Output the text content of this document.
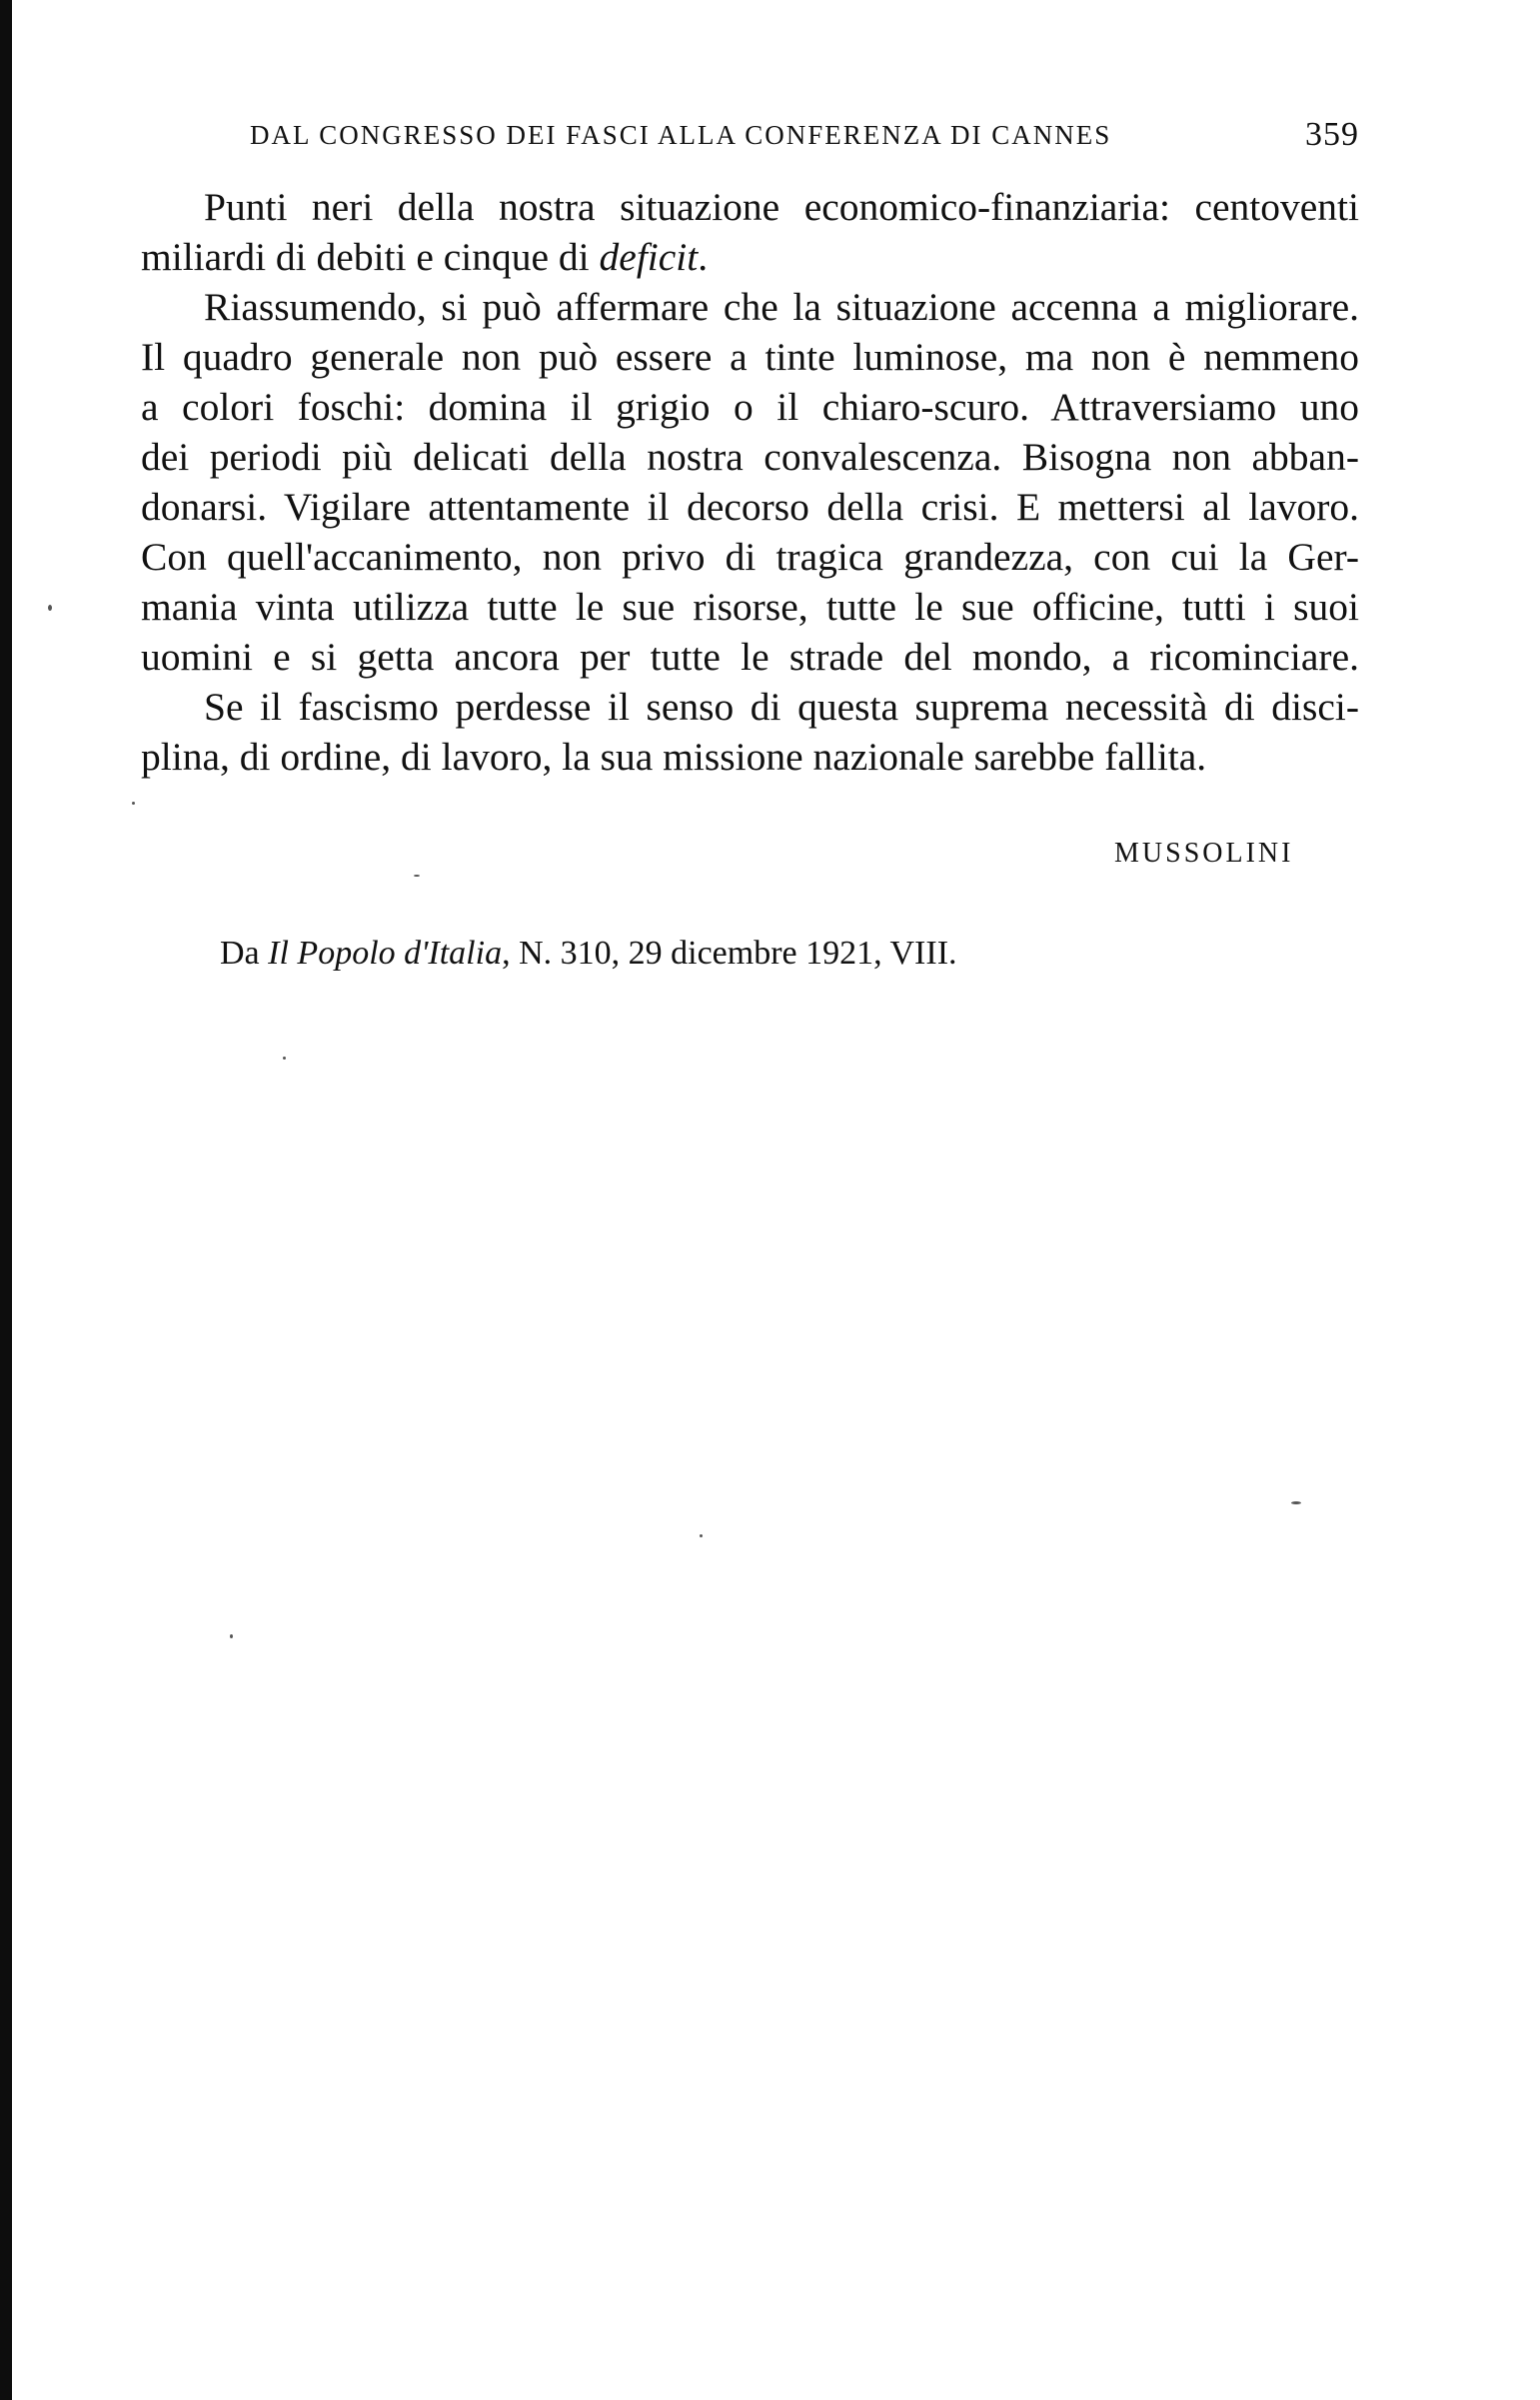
DAL CONGRESSO DEI FASCI ALLA CONFERENZA DI CANNES	359
Punti neri della nostra situazione economico-finanziaria: centoventi
miliardi di debiti e cinque di deficit.
Riassumendo, si può affermare che la situazione accenna a migliorare.
Il quadro generale non può essere a tinte luminose, ma non è nemmeno
a colori foschi: domina il grigio o il chiaro-scuro. Attraversiamo uno
dei periodi più delicati della nostra convalescenza. Bisogna non abban-
donarsi. Vigilare attentamente il decorso della crisi. E mettersi al lavoro.
Con quell'accanimento, non privo di tragica grandezza, con cui la Ger-
mania vinta utilizza tutte le sue risorse, tutte le sue officine, tutti i suoi
uomini e si getta ancora per tutte le strade del mondo, a ricominciare.
Se il fascismo perdesse il senso di questa suprema necessità di disci-
plina, di ordine, di lavoro, la sua missione nazionale sarebbe fallita.
MUSSOLINI
Da Il Popolo d'Italia, N. 310, 29 dicembre 1921, VIII.
